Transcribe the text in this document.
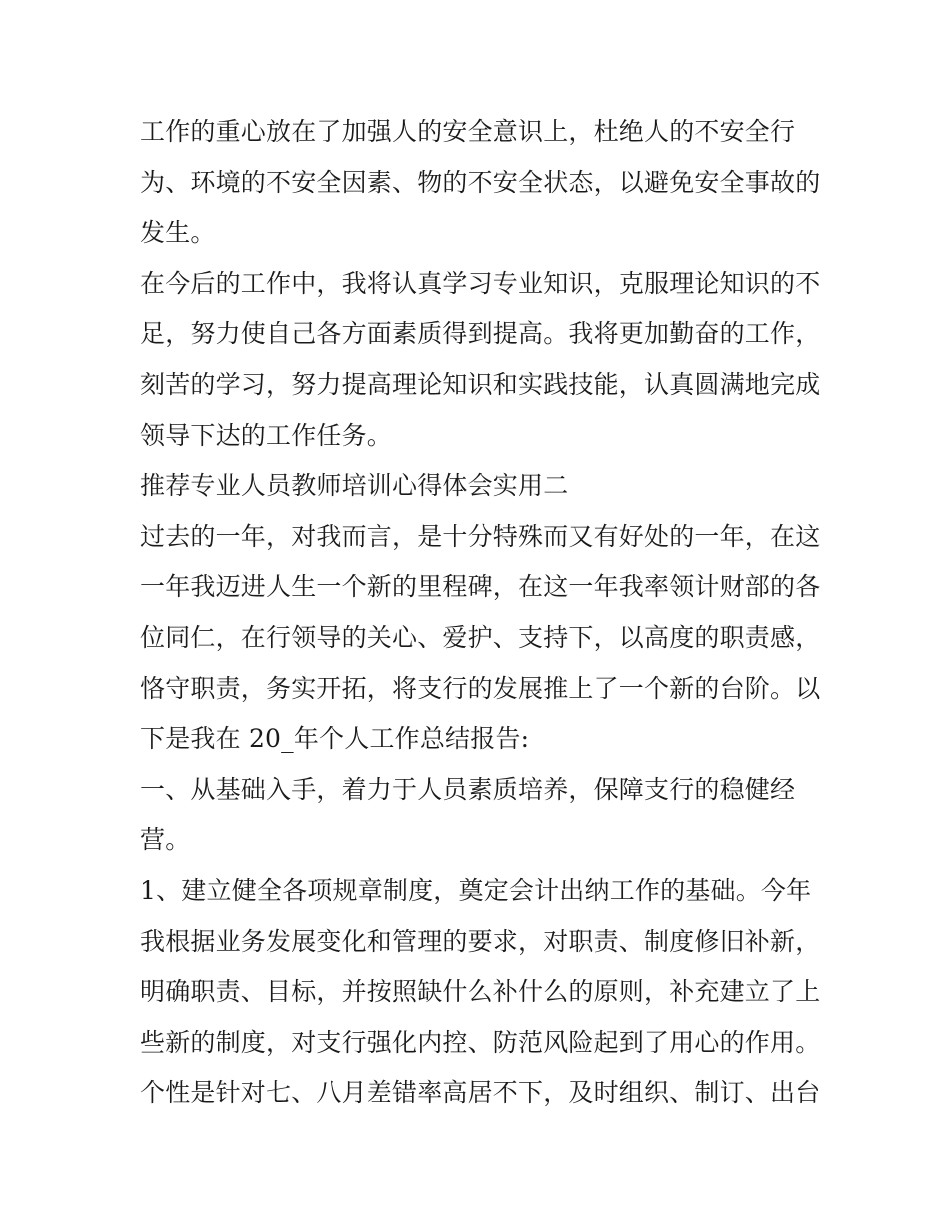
工作的重心放在了加强人的安全意识上，杜绝人的不安全行
为、环境的不安全因素、物的不安全状态，以避免安全事故的
发生。

在今后的工作中，我将认真学习专业知识，克服理论知识的不
足，努力使自己各方面素质得到提高。我将更加勤奋的工作，
刻苦的学习，努力提高理论知识和实践技能，认真圆满地完成
领导下达的工作任务。

推荐专业人员教师培训心得体会实用二

过去的一年，对我而言，是十分特殊而又有好处的一年，在这
一年我迈进人生一个新的里程碑，在这一年我率领计财部的各
位同仁，在行领导的关心、爱护、支持下，以高度的职责感，
恪守职责，务实开拓，将支行的发展推上了一个新的台阶。以
下是我在 20_年个人工作总结报告:

一、从基础入手，着力于人员素质培养，保障支行的稳健经
营。

1、建立健全各项规章制度，奠定会计出纳工作的基础。今年
我根据业务发展变化和管理的要求，对职责、制度修旧补新，
明确职责、目标，并按照缺什么补什么的原则，补充建立了上
些新的制度，对支行强化内控、防范风险起到了用心的作用。
个性是针对七、八月差错率高居不下，及时组织、制订、出台
